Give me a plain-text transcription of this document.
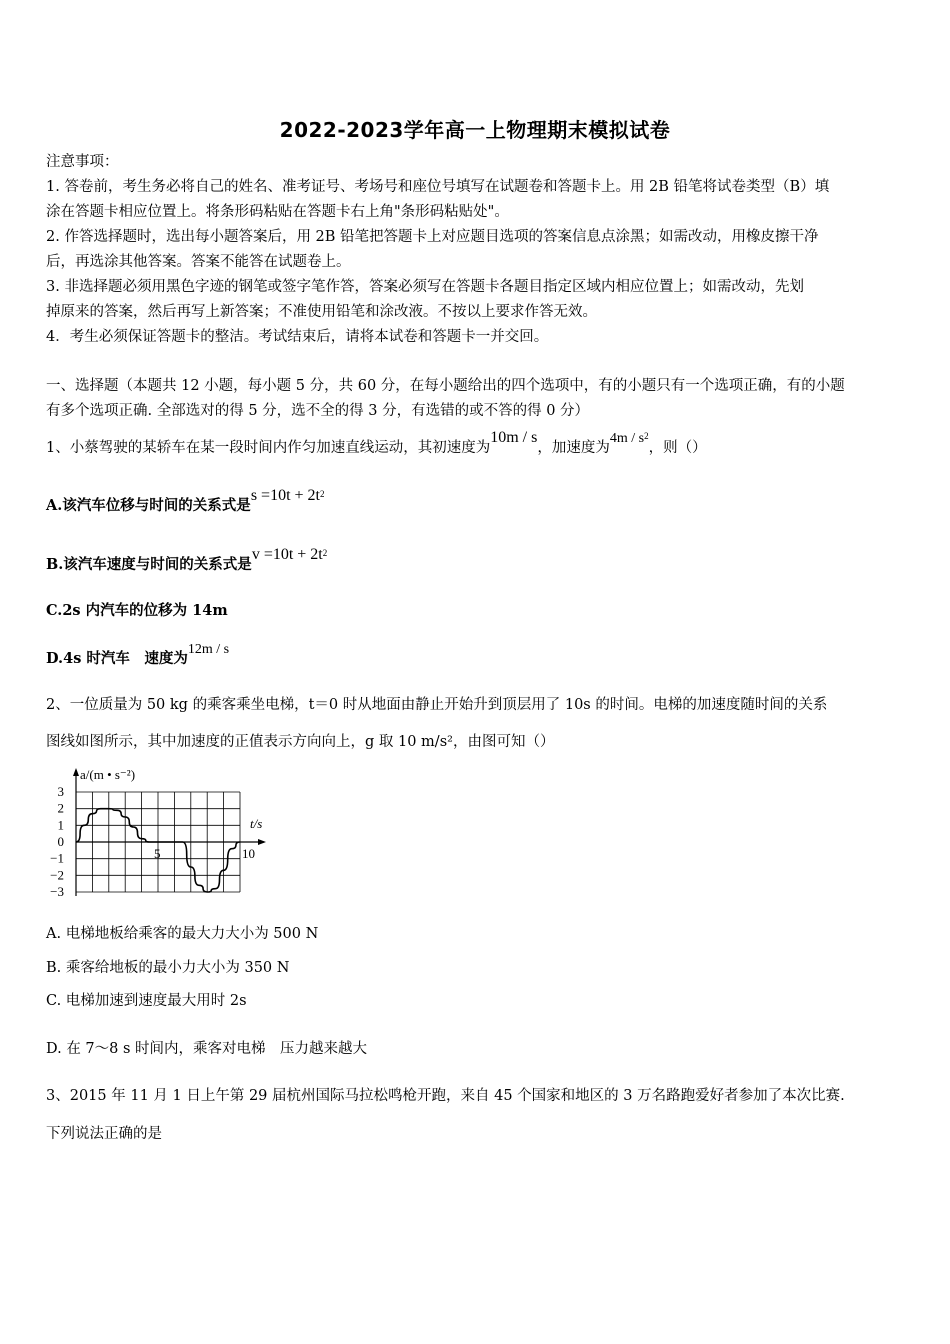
2022-2023学年高一上物理期末模拟试卷
注意事项：
1. 答卷前，考生务必将自己的姓名、准考证号、考场号和座位号填写在试题卷和答题卡上。用 2B 铅笔将试卷类型（B）填
涂在答题卡相应位置上。将条形码粘贴在答题卡右上角"条形码粘贴处"。
2. 作答选择题时，选出每小题答案后，用 2B 铅笔把答题卡上对应题目选项的答案信息点涂黑；如需改动，用橡皮擦干净
后，再选涂其他答案。答案不能答在试题卷上。
3. 非选择题必须用黑色字迹的钢笔或签字笔作答，答案必须写在答题卡各题目指定区域内相应位置上；如需改动，先划
掉原来的答案，然后再写上新答案；不准使用铅笔和涂改液。不按以上要求作答无效。
4．考生必须保证答题卡的整洁。考试结束后，请将本试卷和答题卡一并交回。
一、选择题（本题共 12 小题，每小题 5 分，共 60 分，在每小题给出的四个选项中，有的小题只有一个选项正确，有的小题
有多个选项正确. 全部选对的得 5 分，选不全的得 3 分，有选错的或不答的得 0 分）
1、小蔡驾驶的某轿车在某一段时间内作匀加速直线运动，其初速度为10m / s，加速度为$4m / s^2$，则（）
A.该汽车位移与时间的关系式是$s =10t + 2t^2$
B.该汽车速度与时间的关系式是$v =10t + 2t^2$
C.2s 内汽车的位移为 14m
D.4s 时汽车　速度为12m / s
2、一位质量为 50 kg 的乘客乘坐电梯，t＝0 时从地面由静止开始升到顶层用了 10s 的时间。电梯的加速度随时间的关系
图线如图所示，其中加速度的正值表示方向向上，g 取 10 m/s²，由图可知（）
3
2
1
0
−1
−2
−3
5	10
a/(m • s⁻²)
t/s
A. 电梯地板给乘客的最大力大小为 500 N
B. 乘客给地板的最小力大小为 350 N
C. 电梯加速到速度最大用时 2s
D. 在 7～8 s 时间内，乘客对电梯　压力越来越大
3、2015 年 11 月 1 日上午第 29 届杭州国际马拉松鸣枪开跑，来自 45 个国家和地区的 3 万名路跑爱好者参加了本次比赛.
下列说法正确的是
